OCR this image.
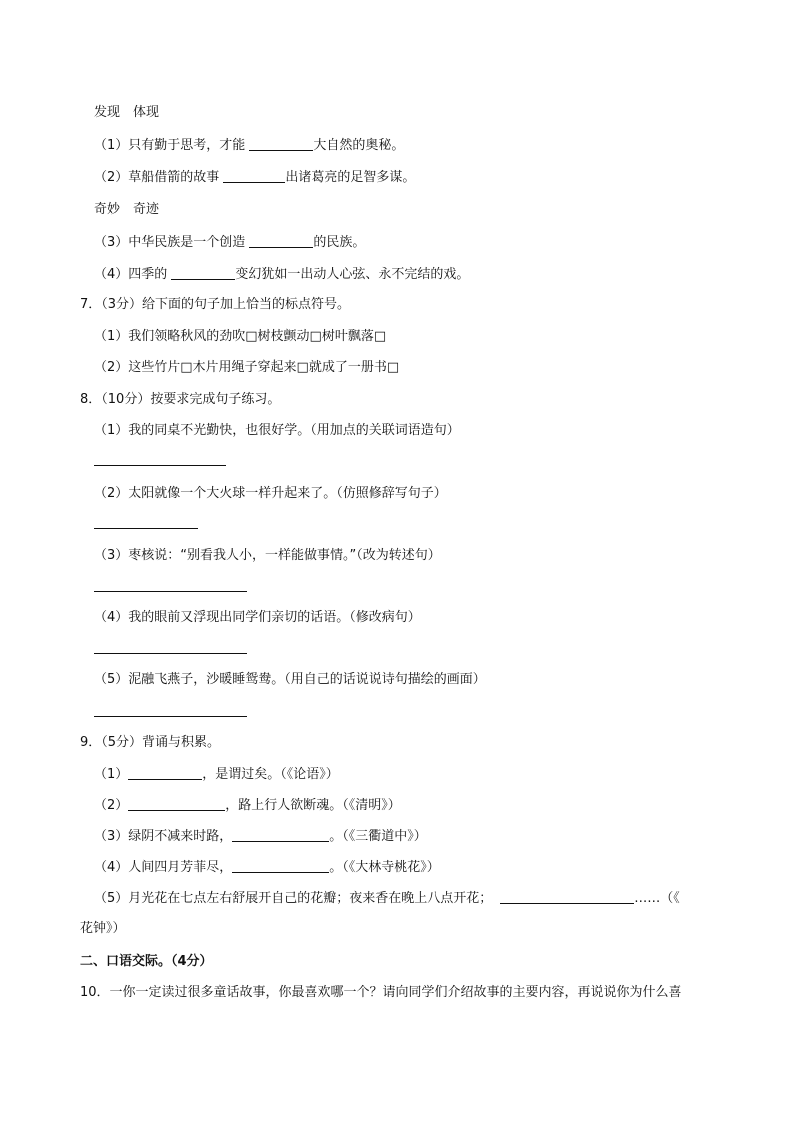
发现　体现
（1）只有勤于思考，才能	大自然的奥秘。
（2）草船借箭的故事	出诸葛亮的足智多谋。
奇妙　奇迹
（3）中华民族是一个创造	的民族。
（4）四季的	变幻犹如一出动人心弦、永不完结的戏。
7．（3分）给下面的句子加上恰当的标点符号。
（1）我们领略秋风的劲吹□树枝颤动□树叶飘落□
（2）这些竹片□木片用绳子穿起来□就成了一册书□
8．（10分）按要求完成句子练习。
（1）我的同桌不光勤快，也很好学。（用加点的关联词语造句）
（2）太阳就像一个大火球一样升起来了。（仿照修辞写句子）
（3）枣核说：“别看我人小，一样能做事情。”（改为转述句）
（4）我的眼前又浮现出同学们亲切的话语。（修改病句）
（5）泥融飞燕子，沙暖睡鸳鸯。（用自己的话说说诗句描绘的画面）
9．（5分）背诵与积累。
（1）	，是谓过矣。（《论语》）
（2）	，路上行人欲断魂。（《清明》）
（3）绿阴不减来时路，	。（《三衢道中》）
（4）人间四月芳菲尽，	。（《大林寺桃花》）
（5）月光花在七点左右舒展开自己的花瓣；夜来香在晚上八点开花；	……（《
花钟》）
二、口语交际。（4分）
10．一你一定读过很多童话故事，你最喜欢哪一个？请向同学们介绍故事的主要内容，再说说你为什么喜
